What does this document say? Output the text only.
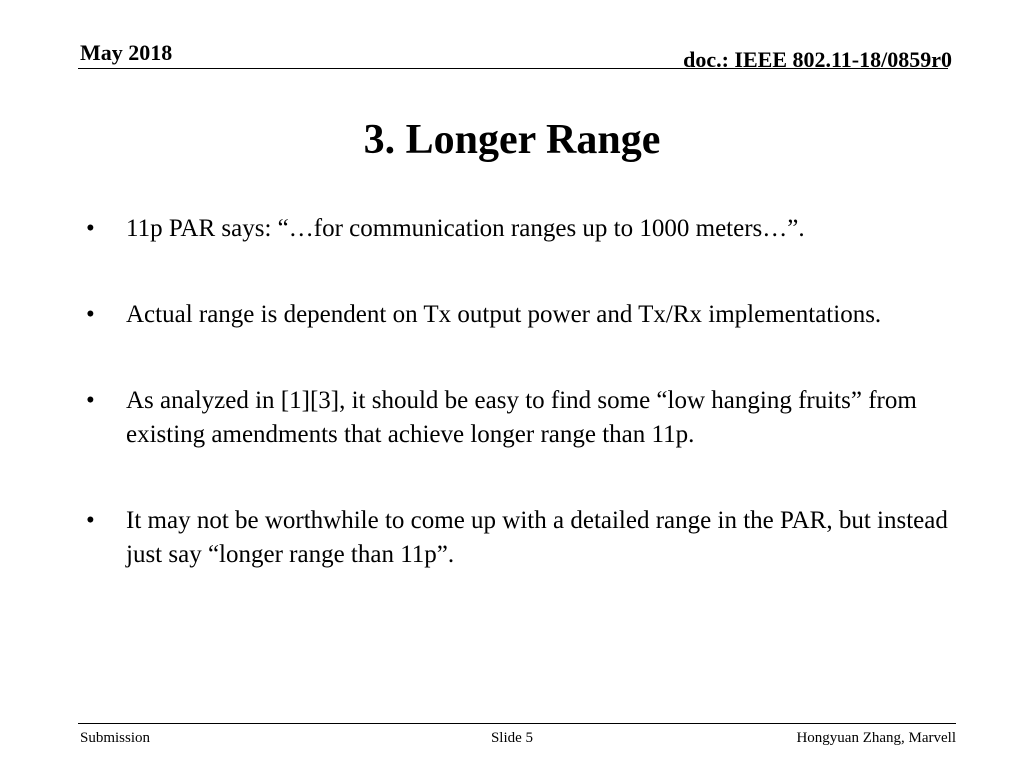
May 2018	doc.: IEEE 802.11-18/0859r0
3. Longer Range
•	11p PAR says: “…for communication ranges up to 1000 meters…”.
•	Actual range is dependent on Tx output power and Tx/Rx implementations.
•	As analyzed in [1][3], it should be easy to find some “low hanging fruits” from existing amendments that achieve longer range than 11p.
•	It may not be worthwhile to come up with a detailed range in the PAR, but instead just say “longer range than 11p”.
Submission	Slide 5	Hongyuan Zhang, Marvell
